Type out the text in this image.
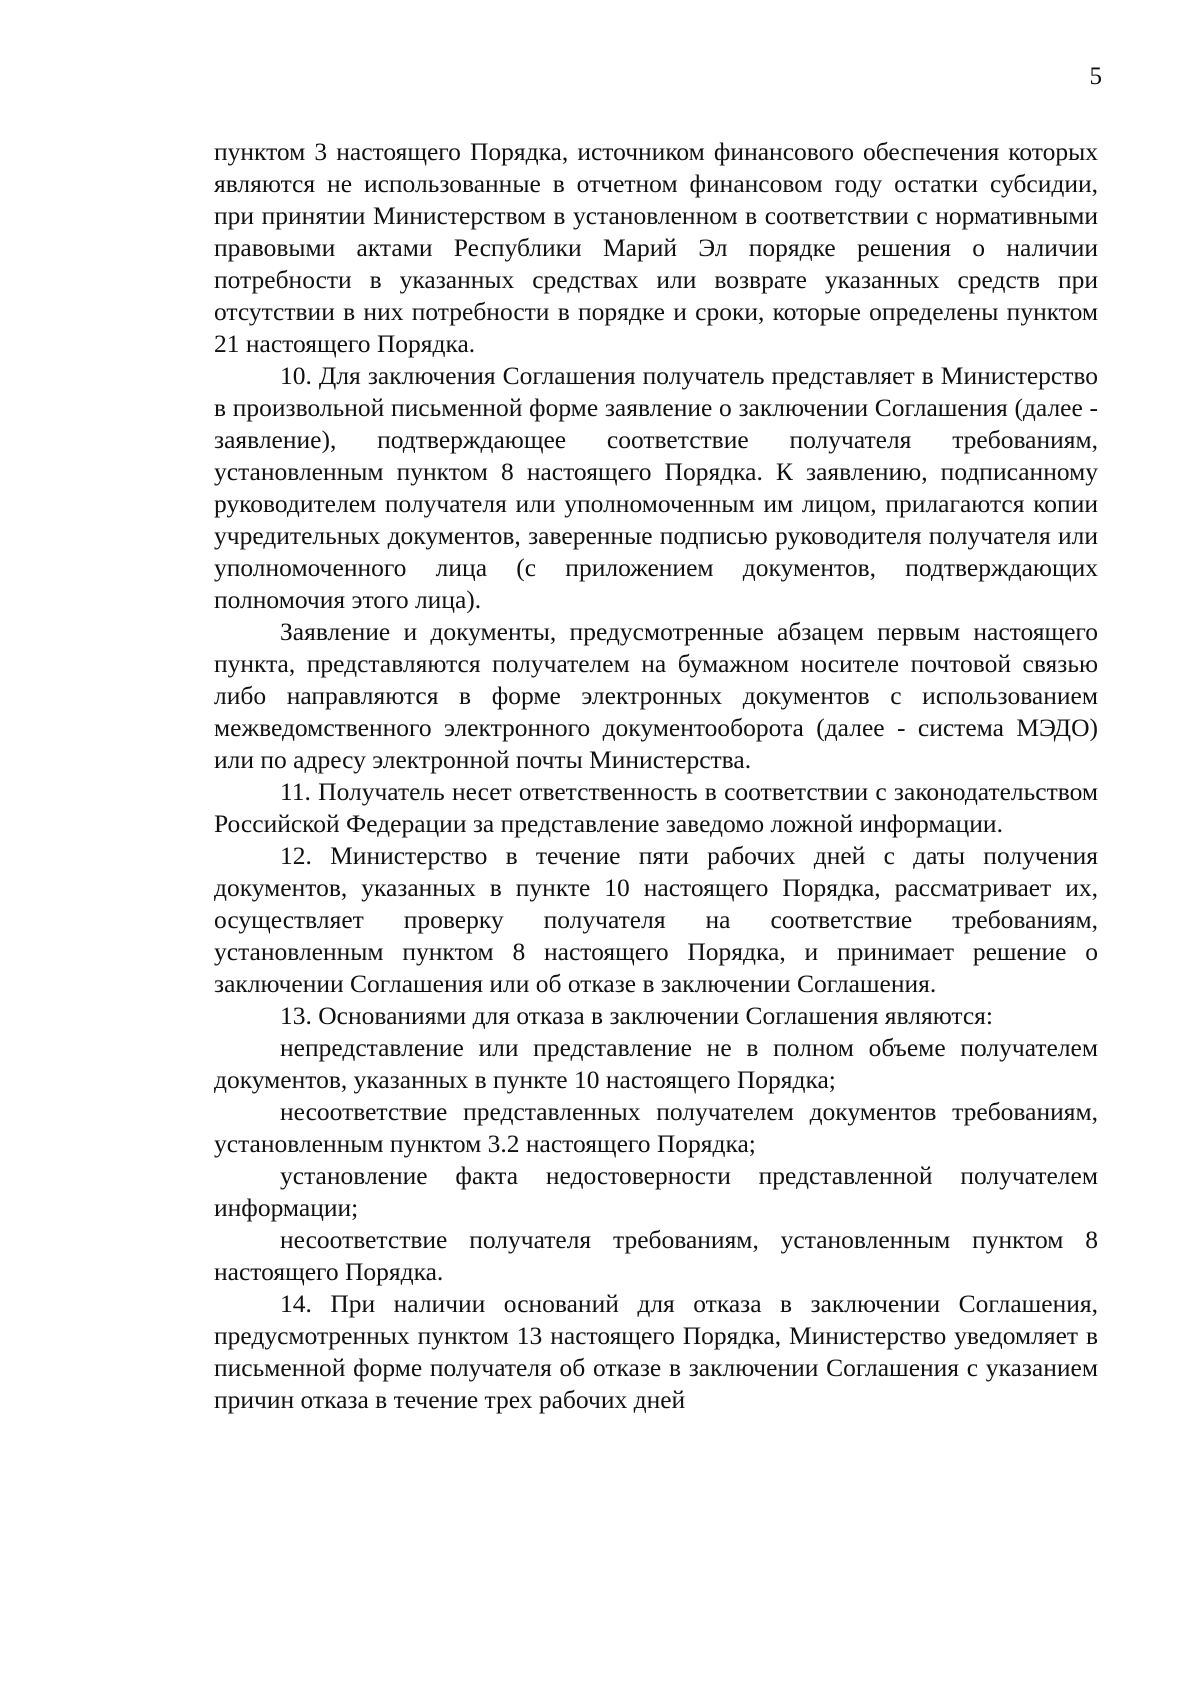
5

пунктом 3 настоящего Порядка, источником финансового обеспечения которых являются не использованные в отчетном финансовом году остатки субсидии, при принятии Министерством в установленном в соответствии с нормативными правовыми актами Республики Марий Эл порядке решения о наличии потребности в указанных средствах или возврате указанных средств при отсутствии в них потребности в порядке и сроки, которые определены пунктом 21 настоящего Порядка.

10. Для заключения Соглашения получатель представляет в Министерство в произвольной письменной форме заявление о заключении Соглашения (далее - заявление), подтверждающее соответствие получателя требованиям, установленным пунктом 8 настоящего Порядка. К заявлению, подписанному руководителем получателя или уполномоченным им лицом, прилагаются копии учредительных документов, заверенные подписью руководителя получателя или уполномоченного лица (с приложением документов, подтверждающих полномочия этого лица).

Заявление и документы, предусмотренные абзацем первым настоящего пункта, представляются получателем на бумажном носителе почтовой связью либо направляются в форме электронных документов с использованием межведомственного электронного документооборота (далее - система МЭДО) или по адресу электронной почты Министерства.

11. Получатель несет ответственность в соответствии с законодательством Российской Федерации за представление заведомо ложной информации.

12. Министерство в течение пяти рабочих дней с даты получения документов, указанных в пункте 10 настоящего Порядка, рассматривает их, осуществляет проверку получателя на соответствие требованиям, установленным пунктом 8 настоящего Порядка, и принимает решение о заключении Соглашения или об отказе в заключении Соглашения.

13. Основаниями для отказа в заключении Соглашения являются:

непредставление или представление не в полном объеме получателем документов, указанных в пункте 10 настоящего Порядка;

несоответствие представленных получателем документов требованиям, установленным пунктом 3.2 настоящего Порядка;

установление факта недостоверности представленной получателем информации;

несоответствие получателя требованиям, установленным пунктом 8 настоящего Порядка.

14. При наличии оснований для отказа в заключении Соглашения, предусмотренных пунктом 13 настоящего Порядка, Министерство уведомляет в письменной форме получателя об отказе в заключении Соглашения с указанием причин отказа в течение трех рабочих дней
